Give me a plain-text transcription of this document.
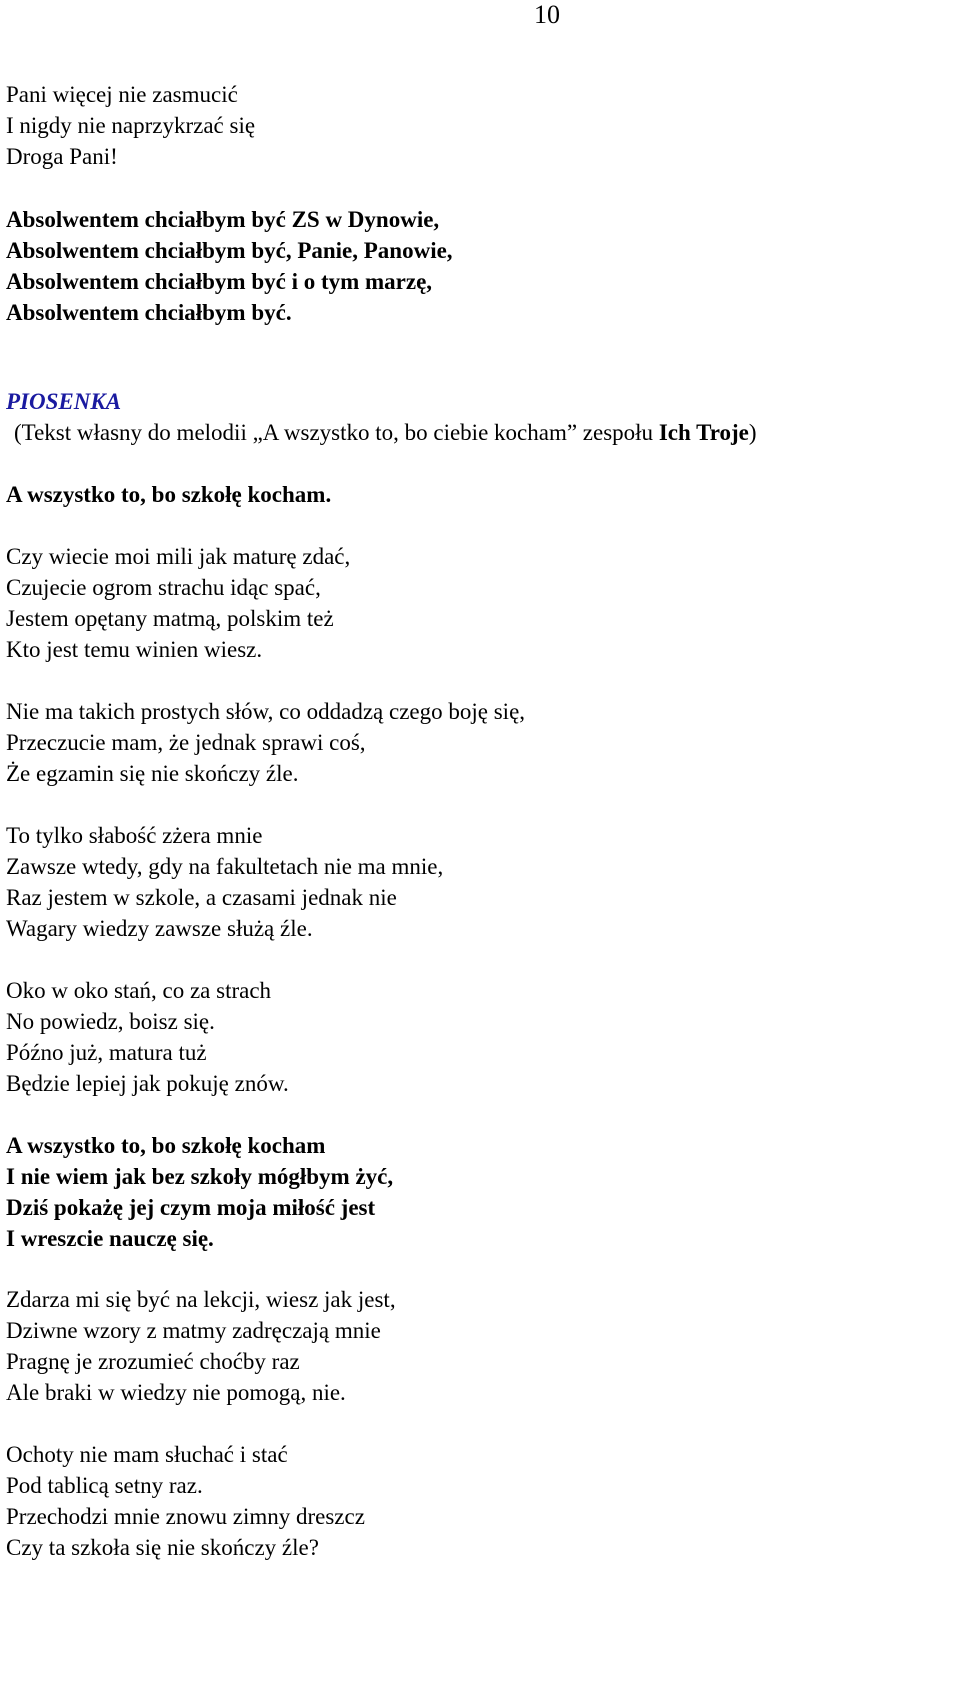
10
Pani więcej nie zasmucić
I nigdy nie naprzykrzać się
Droga Pani!
Absolwentem chciałbym być ZS w Dynowie,
Absolwentem chciałbym być, Panie, Panowie,
Absolwentem chciałbym być i o tym marzę,
Absolwentem chciałbym być.
PIOSENKA
(Tekst własny do melodii „A wszystko to, bo ciebie kocham” zespołu Ich Troje)
A wszystko to, bo szkołę kocham.
Czy wiecie moi mili jak maturę zdać,
Czujecie ogrom strachu idąc spać,
Jestem opętany matmą, polskim też
Kto jest temu winien wiesz.
Nie ma takich prostych słów, co oddadzą czego boję się,
Przeczucie mam, że jednak sprawi coś,
Że egzamin się nie skończy źle.
To tylko słabość zżera mnie
Zawsze wtedy, gdy na fakultetach nie ma mnie,
Raz jestem w szkole, a czasami jednak nie
Wagary wiedzy zawsze służą źle.
Oko w oko stań, co za strach
No powiedz, boisz się.
Późno już, matura tuż
Będzie lepiej jak pokuję znów.
A wszystko to, bo szkołę kocham
I nie wiem jak bez szkoły mógłbym żyć,
Dziś pokażę jej czym moja miłość jest
I wreszcie nauczę się.
Zdarza mi się być na lekcji, wiesz jak jest,
Dziwne wzory z matmy zadręczają mnie
Pragnę je zrozumieć choćby raz
Ale braki w wiedzy nie pomogą, nie.
Ochoty nie mam słuchać i stać
Pod tablicą setny raz.
Przechodzi mnie znowu zimny dreszcz
Czy ta szkoła się nie skończy źle?
